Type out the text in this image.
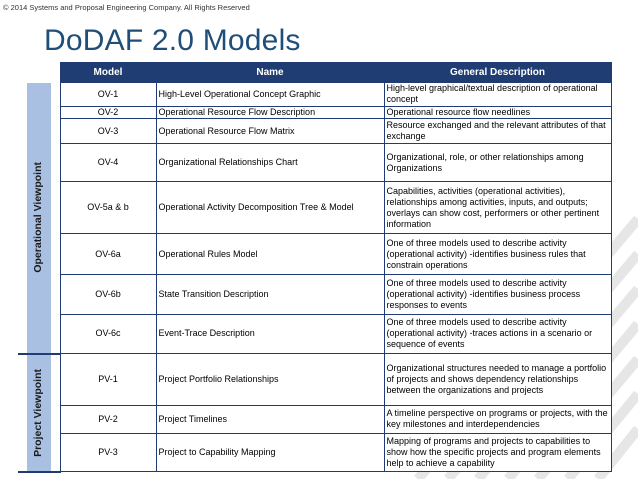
© 2014 Systems and Proposal Engineering Company. All Rights Reserved
DoDAF 2.0 Models
	Model	Name	General Description

Operational Viewpoint	OV-1	High-Level Operational Concept Graphic	High-level graphical/textual description of operational concept
	OV-2	Operational Resource Flow Description	Operational resource flow needlines
	OV-3	Operational Resource Flow Matrix	Resource exchanged and the relevant attributes of that exchange
	OV-4	Organizational Relationships Chart	Organizational, role, or other relationships among Organizations
	OV-5a & b	Operational Activity Decomposition Tree & Model	Capabilities, activities (operational activities), relationships among activities, inputs, and outputs; overlays can show cost, performers or other pertinent information
	OV-6a	Operational Rules Model	One of three models used to describe activity (operational activity) -identifies business rules that constrain operations
	OV-6b	State Transition Description	One of three models used to describe activity (operational activity) -identifies business process responses to events
	OV-6c	Event-Trace Description	One of three models used to describe activity (operational activity) -traces actions in a scenario or sequence of events

Project Viewpoint	PV-1	Project Portfolio Relationships	Organizational structures needed to manage a portfolio of projects and shows dependency relationships between the organizations and projects
	PV-2	Project Timelines	A timeline perspective on programs or projects, with the key milestones and interdependencies
	PV-3	Project to Capability Mapping	Mapping of programs and projects to capabilities to show how the specific projects and program elements help to achieve a capability
